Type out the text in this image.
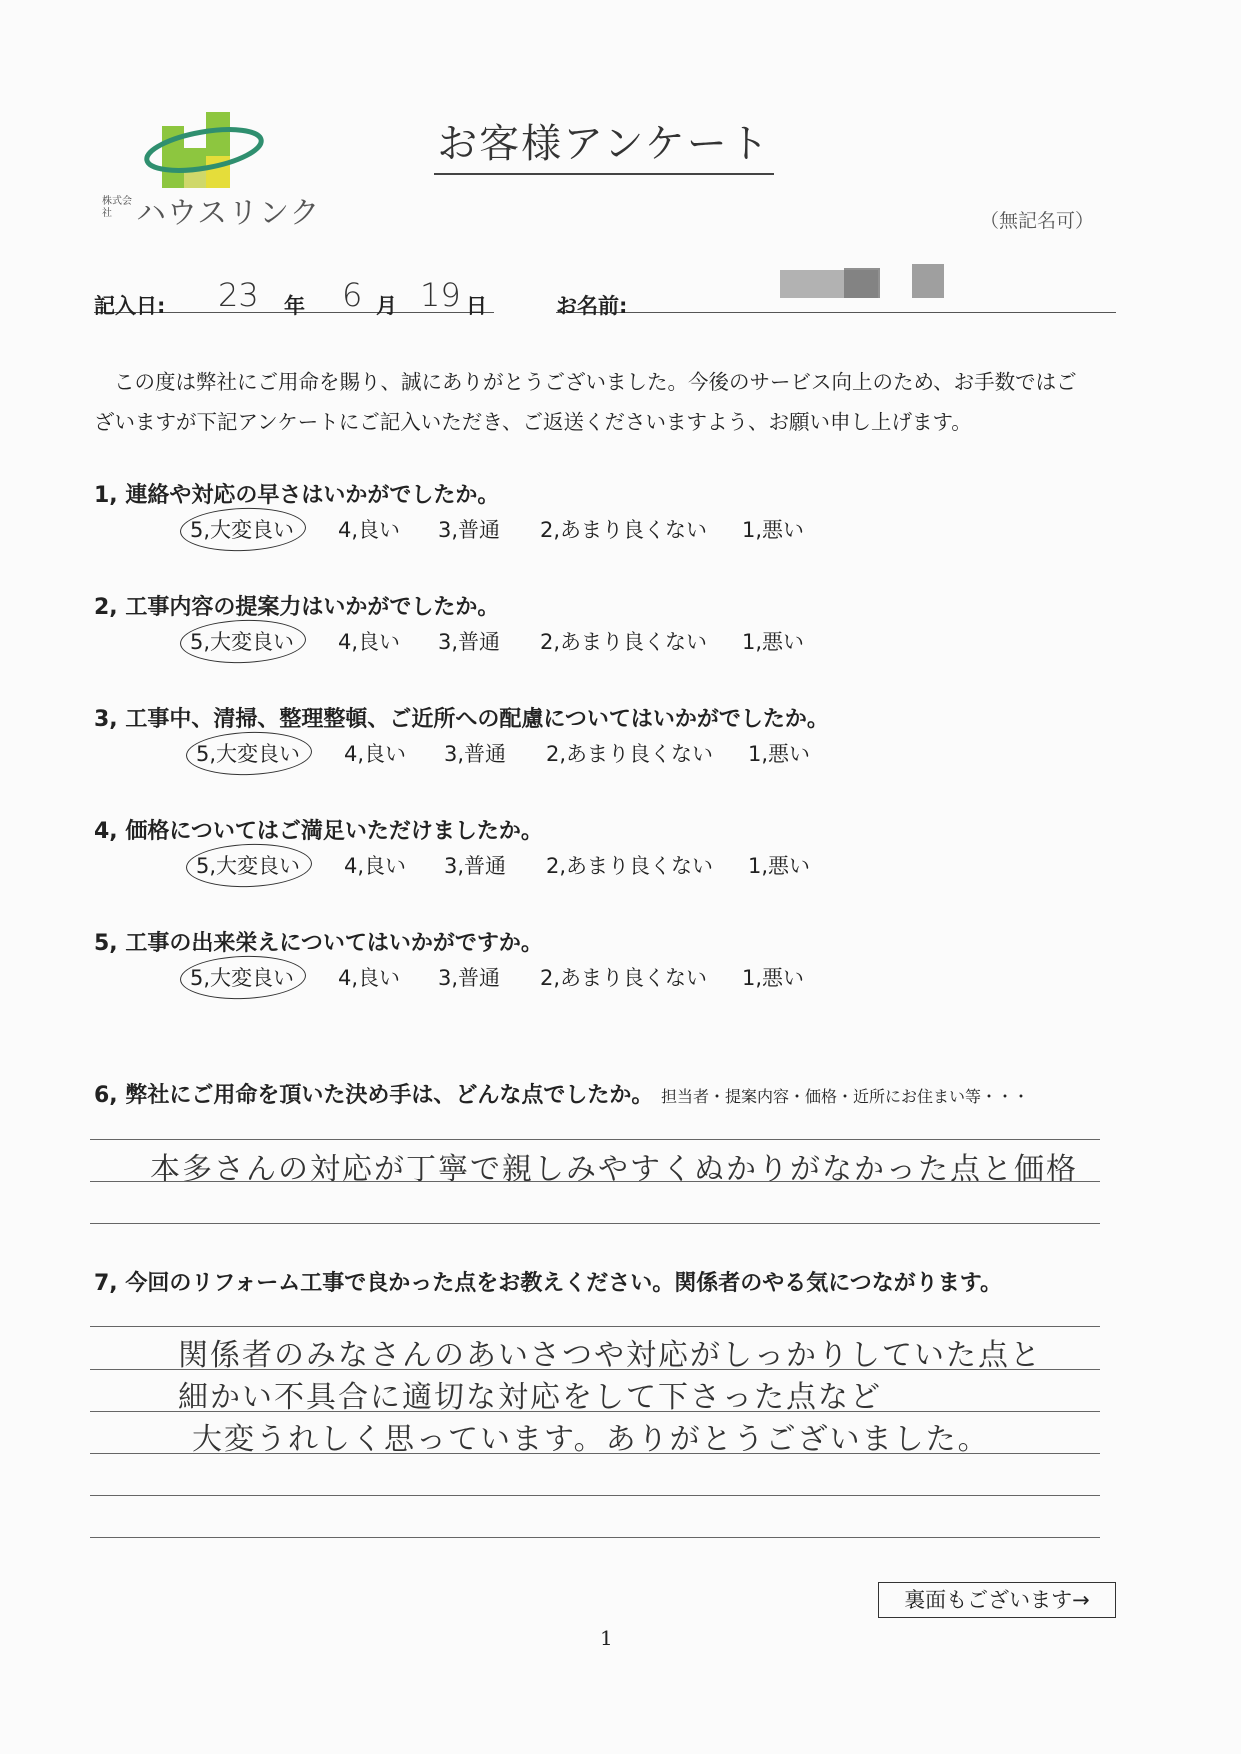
株式会社 ハウスリンク
お客様アンケート
（無記名可）
記入日: 23 年 6 月 19 日	お名前:
この度は弊社にご用命を賜り、誠にありがとうございました。今後のサービス向上のため、お手数ではご
ざいますが下記アンケートにご記入いただき、ご返送くださいますよう、お願い申し上げます。
1, 連絡や対応の早さはいかがでしたか。
5,大変良い 4,良い 3,普通 2,あまり良くない 1,悪い
2, 工事内容の提案力はいかがでしたか。
5,大変良い 4,良い 3,普通 2,あまり良くない 1,悪い
3, 工事中、清掃、整理整頓、ご近所への配慮についてはいかがでしたか。
5,大変良い 4,良い 3,普通 2,あまり良くない 1,悪い
4, 価格についてはご満足いただけましたか。
5,大変良い 4,良い 3,普通 2,あまり良くない 1,悪い
5, 工事の出来栄えについてはいかがですか。
5,大変良い 4,良い 3,普通 2,あまり良くない 1,悪い
6, 弊社にご用命を頂いた決め手は、どんな点でしたか。 担当者・提案内容・価格・近所にお住まい等・・・
本多さんの対応が丁寧で親しみやすくぬかりがなかった点と価格
7, 今回のリフォーム工事で良かった点をお教えください。関係者のやる気につながります。
関係者のみなさんのあいさつや対応がしっかりしていた点と
細かい不具合に適切な対応をして下さった点など
大変うれしく思っています。ありがとうございました。
裏面もございます→
1
